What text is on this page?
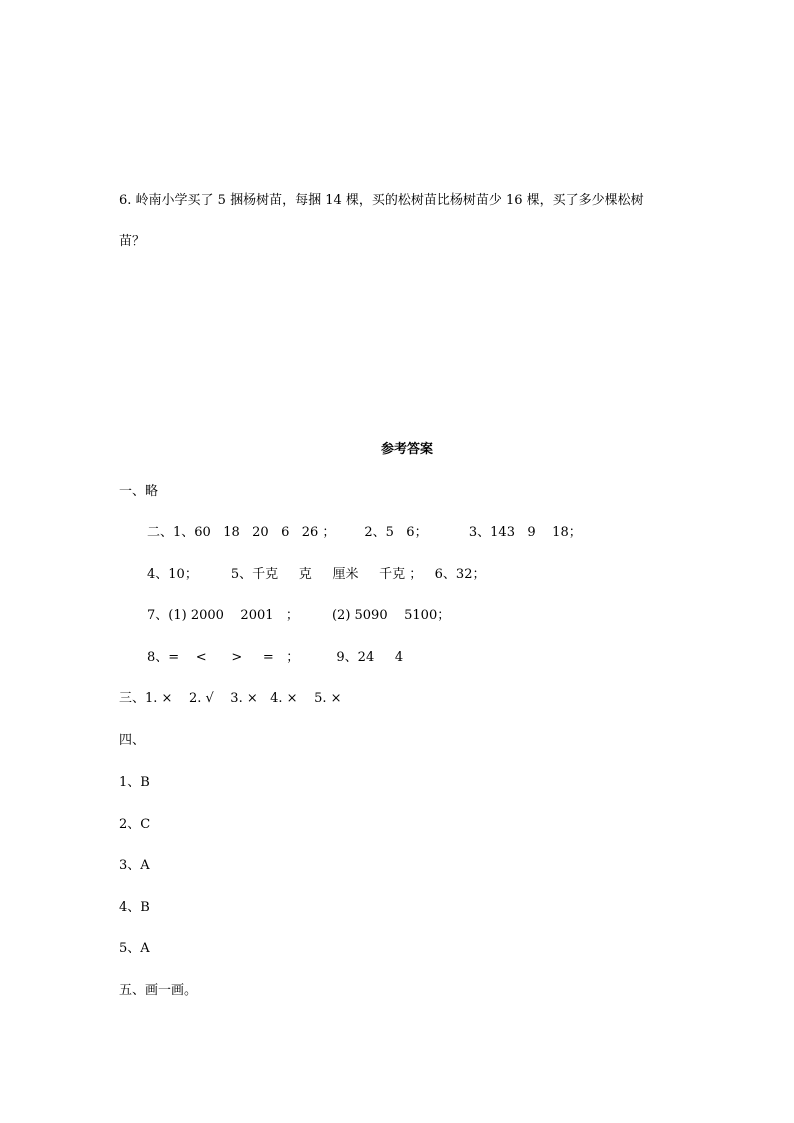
6. 岭南小学买了 5 捆杨树苗，每捆 14 棵，买的松树苗比杨树苗少 16 棵，买了多少棵松树
苗？
参考答案
一、略
二、1、60   18   20   6   26 ；       2、5   6；          3、143   9    18；
4、10；        5、千克     克     厘米     千克 ；   6、32；
7、(1) 2000    2001   ；        (2) 5090    5100；
8、=    <      >     =   ；         9、24     4
三、1. ×    2. √    3. ×   4. ×    5. ×
四、
1、B
2、C
3、A
4、B
5、A
五、画一画。
